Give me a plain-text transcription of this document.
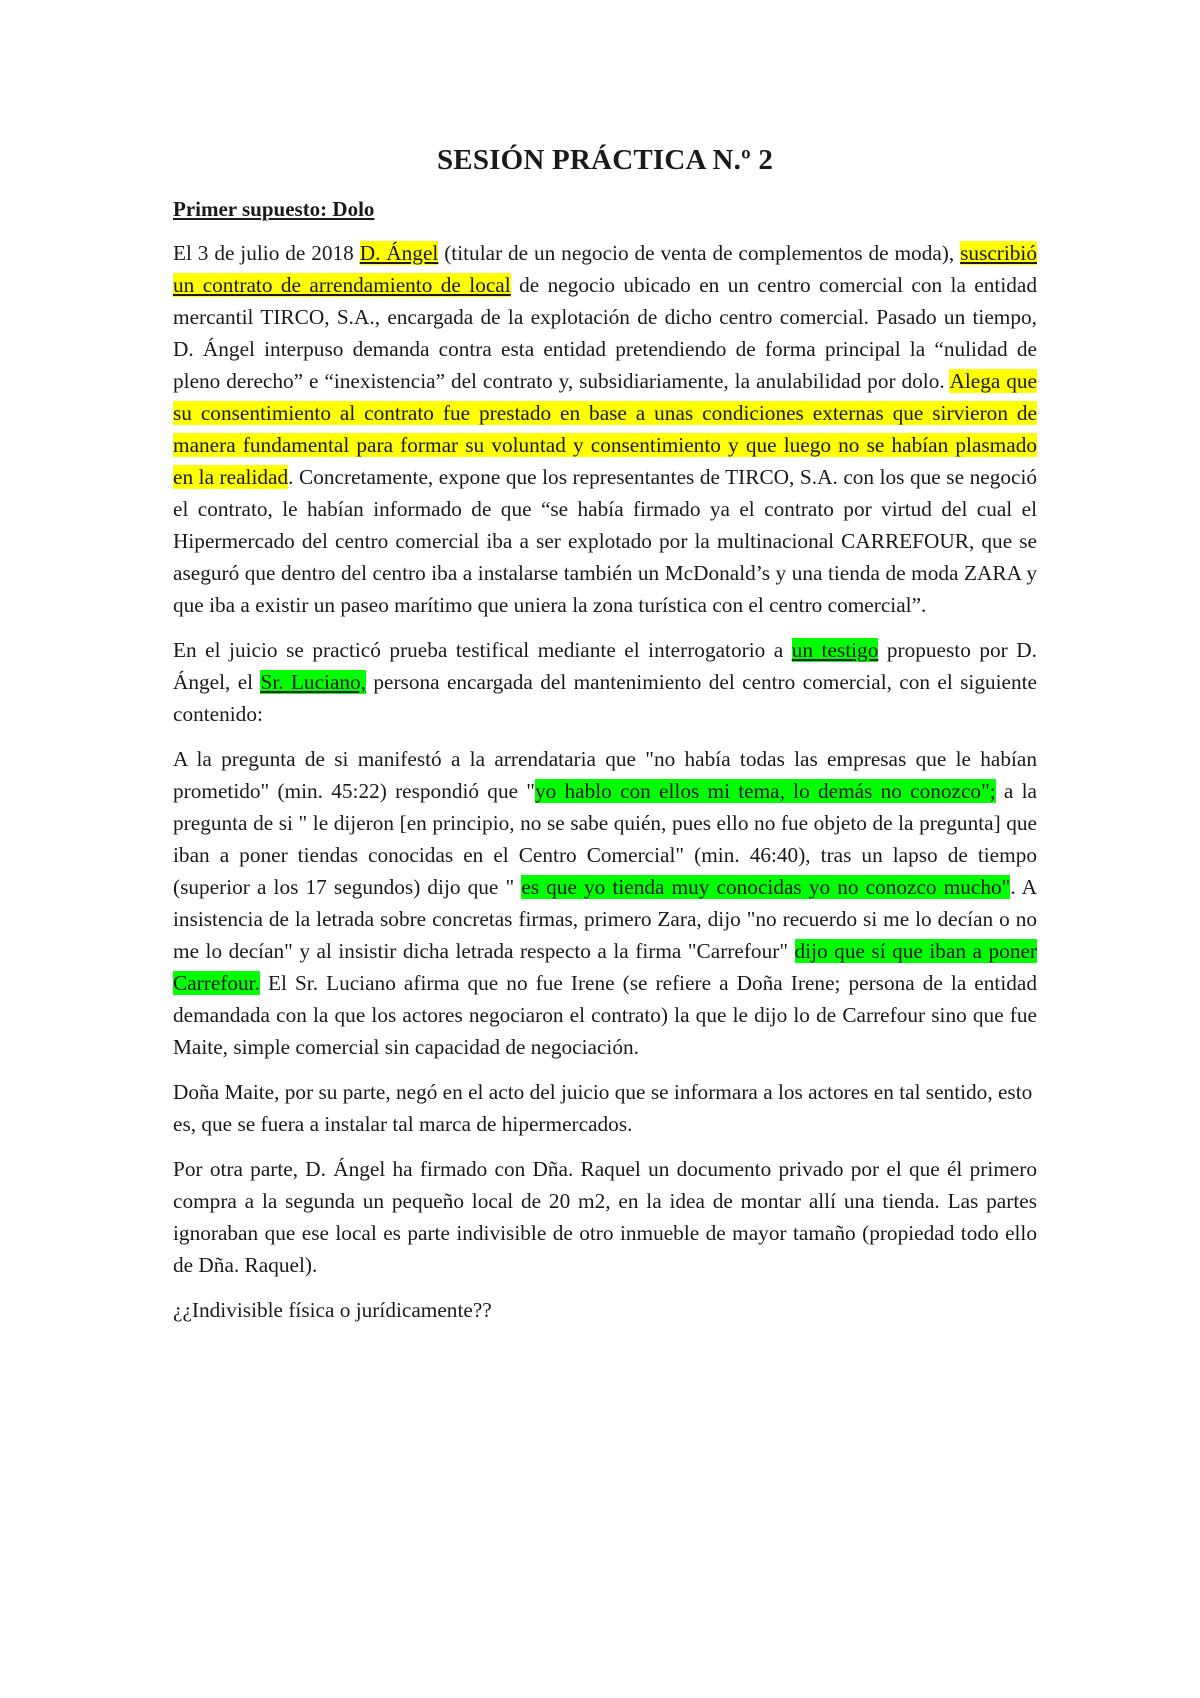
SESIÓN PRÁCTICA N.º 2
Primer supuesto: Dolo

El 3 de julio de 2018 D. Ángel (titular de un negocio de venta de complementos de moda), suscribió un contrato de arrendamiento de local de negocio ubicado en un centro comercial con la entidad mercantil TIRCO, S.A., encargada de la explotación de dicho centro comercial. Pasado un tiempo, D. Ángel interpuso demanda contra esta entidad pretendiendo de forma principal la “nulidad de pleno derecho” e “inexistencia” del contrato y, subsidiariamente, la anulabilidad por dolo. Alega que su consentimiento al contrato fue prestado en base a unas condiciones externas que sirvieron de manera fundamental para formar su voluntad y consentimiento y que luego no se habían plasmado en la realidad. Concretamente, expone que los representantes de TIRCO, S.A. con los que se negoció el contrato, le habían informado de que “se había firmado ya el contrato por virtud del cual el Hipermercado del centro comercial iba a ser explotado por la multinacional CARREFOUR, que se aseguró que dentro del centro iba a instalarse también un McDonald’s y una tienda de moda ZARA y que iba a existir un paseo marítimo que uniera la zona turística con el centro comercial”.

En el juicio se practicó prueba testifical mediante el interrogatorio a un testigo propuesto por D. Ángel, el Sr. Luciano, persona encargada del mantenimiento del centro comercial, con el siguiente contenido:

A la pregunta de si manifestó a la arrendataria que "no había todas las empresas que le habían prometido" (min. 45:22) respondió que "yo hablo con ellos mi tema, lo demás no conozco"; a la pregunta de si " le dijeron [en principio, no se sabe quién, pues ello no fue objeto de la pregunta] que iban a poner tiendas conocidas en el Centro Comercial" (min. 46:40), tras un lapso de tiempo (superior a los 17 segundos) dijo que " es que yo tienda muy conocidas yo no conozco mucho". A insistencia de la letrada sobre concretas firmas, primero Zara, dijo "no recuerdo si me lo decían o no me lo decían" y al insistir dicha letrada respecto a la firma "Carrefour" dijo que sí que iban a poner Carrefour. El Sr. Luciano afirma que no fue Irene (se refiere a Doña Irene; persona de la entidad demandada con la que los actores negociaron el contrato) la que le dijo lo de Carrefour sino que fue Maite, simple comercial sin capacidad de negociación.

Doña Maite, por su parte, negó en el acto del juicio que se informara a los actores en tal sentido, esto es, que se fuera a instalar tal marca de hipermercados.

Por otra parte, D. Ángel ha firmado con Dña. Raquel un documento privado por el que él primero compra a la segunda un pequeño local de 20 m2, en la idea de montar allí una tienda. Las partes ignoraban que ese local es parte indivisible de otro inmueble de mayor tamaño (propiedad todo ello de Dña. Raquel).

¿¿Indivisible física o jurídicamente??
